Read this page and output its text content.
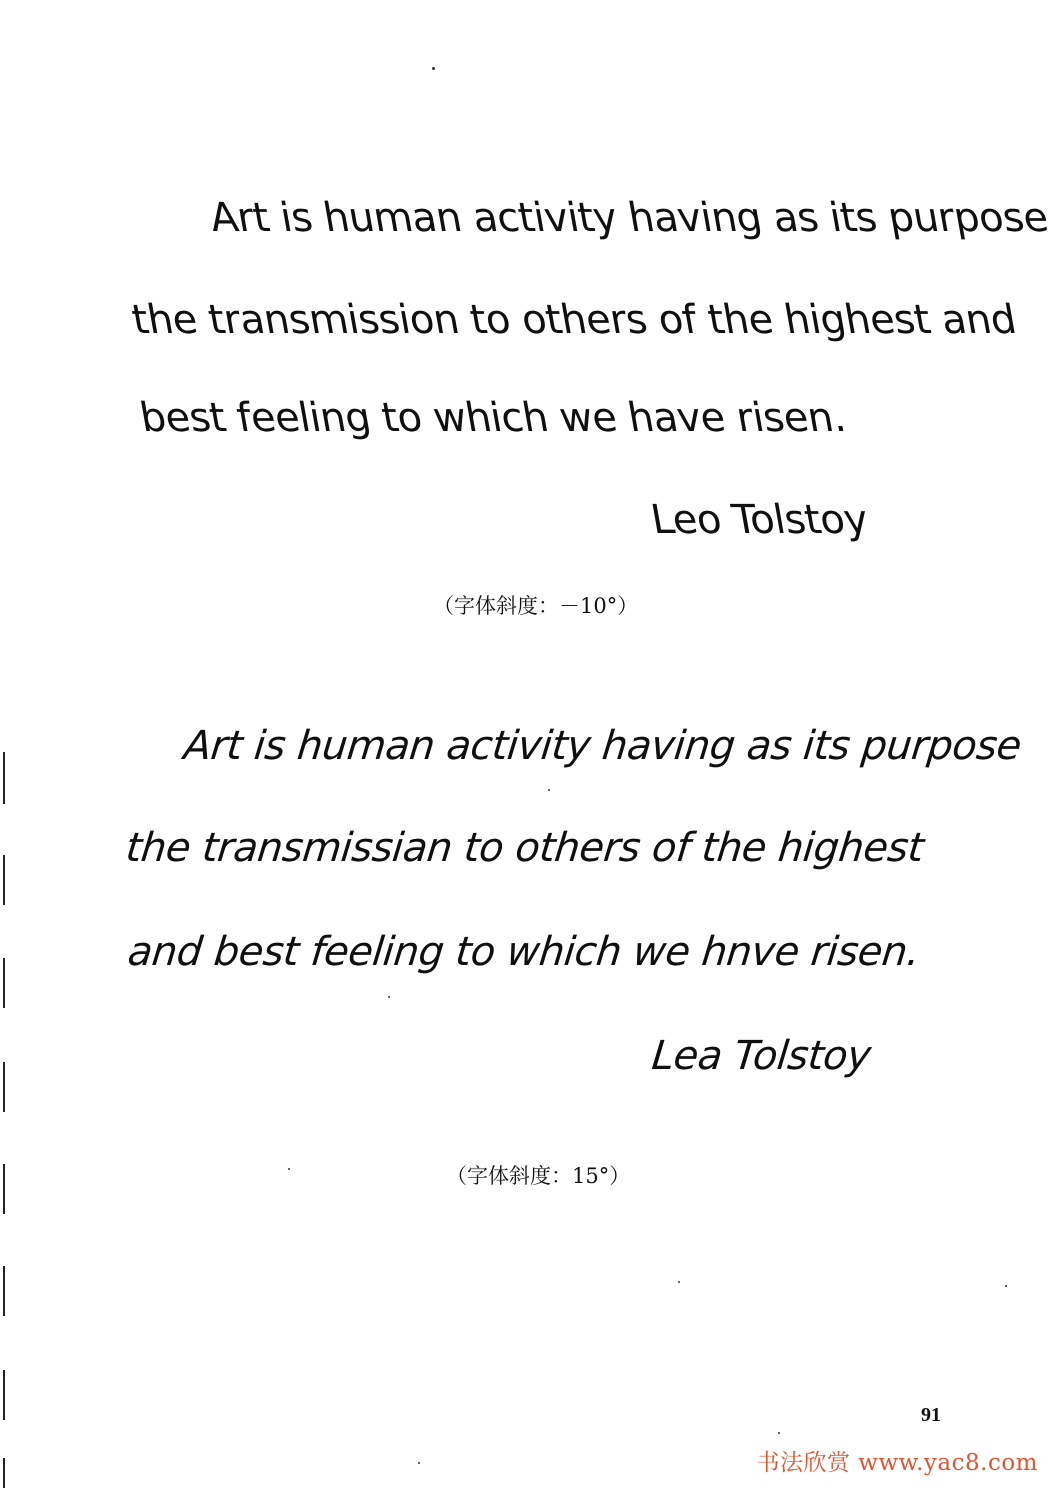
Art is human activity having as its purpose
the transmission to others of the highest and
best feeling to which we have risen.
Leo Tolstoy
（字体斜度：－10°）
Art is human activity having as its purpose
the transmissian to others of the highest
and best feeling to which we hnve risen.
Lea Tolstoy
（字体斜度：15°）
91
书法欣赏 www.yac8.com
